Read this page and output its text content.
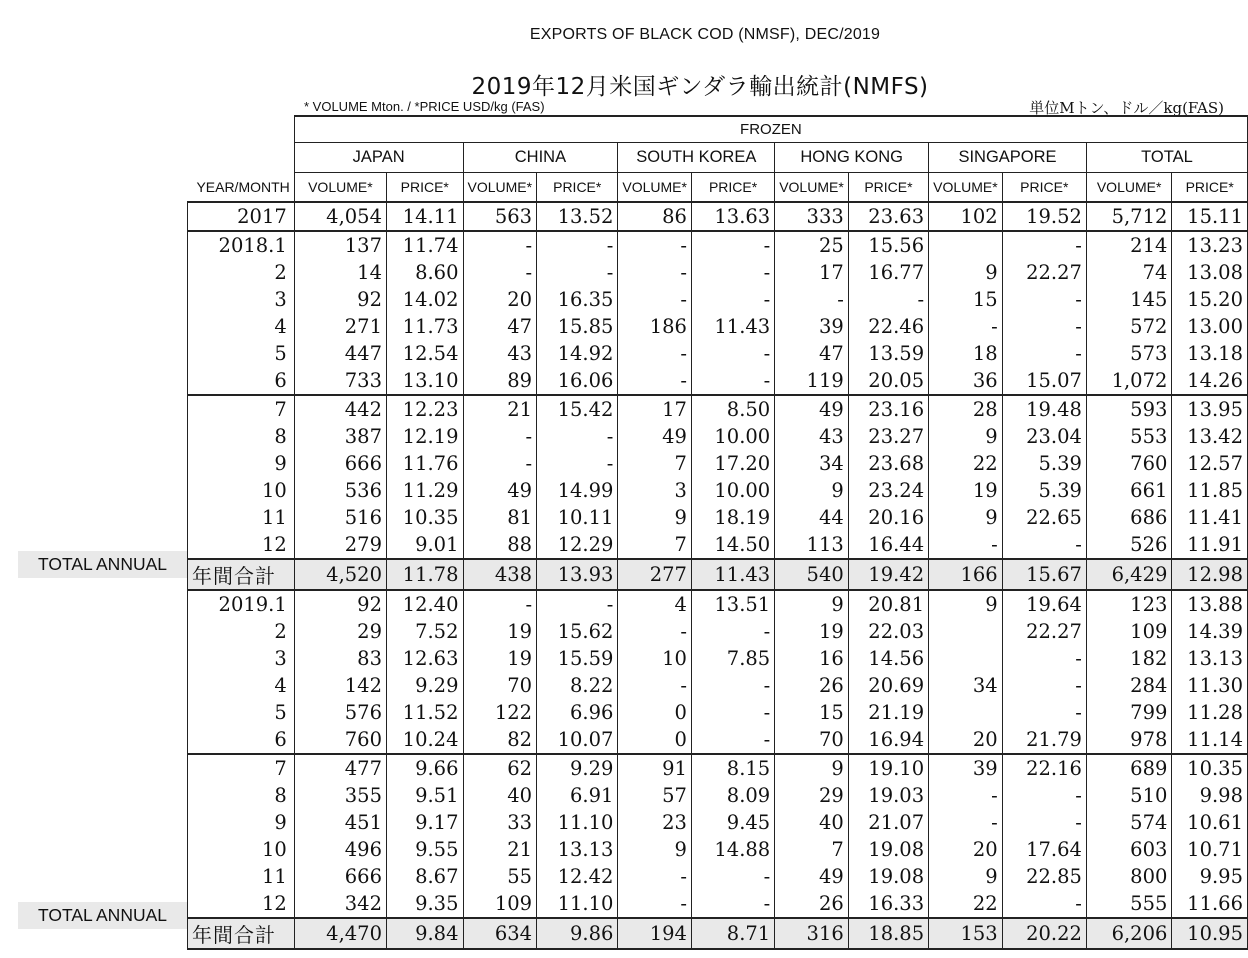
EXPORTS OF BLACK COD (NMSF), DEC/2019
2019年12月米国ギンダラ輸出統計(NMFS)
* VOLUME Mton. / *PRICE USD/kg (FAS)	単位Mトン、ドル／kg(FAS)
TOTAL ANNUAL
TOTAL ANNUAL
	FROZEN											
	JAPAN		CHINA		SOUTH KOREA		HONG KONG		SINGAPORE		TOTAL	
YEAR/MONTH	VOLUME*	PRICE*	VOLUME*	PRICE*	VOLUME*	PRICE*	VOLUME*	PRICE*	VOLUME*	PRICE*	VOLUME*	PRICE*
2017	4,054	14.11	563	13.52	86	13.63	333	23.63	102	19.52	5,712	15.11
2018.1	137	11.74	-	-	-	-	25	15.56		-	214	13.23
2	14	8.60	-	-	-	-	17	16.77	9	22.27	74	13.08
3	92	14.02	20	16.35	-	-	-	-	15	-	145	15.20
4	271	11.73	47	15.85	186	11.43	39	22.46	-	-	572	13.00
5	447	12.54	43	14.92	-	-	47	13.59	18	-	573	13.18
6	733	13.10	89	16.06	-	-	119	20.05	36	15.07	1,072	14.26
7	442	12.23	21	15.42	17	8.50	49	23.16	28	19.48	593	13.95
8	387	12.19	-	-	49	10.00	43	23.27	9	23.04	553	13.42
9	666	11.76	-	-	7	17.20	34	23.68	22	5.39	760	12.57
10	536	11.29	49	14.99	3	10.00	9	23.24	19	5.39	661	11.85
11	516	10.35	81	10.11	9	18.19	44	20.16	9	22.65	686	11.41
12	279	9.01	88	12.29	7	14.50	113	16.44	-	-	526	11.91
年間合計	4,520	11.78	438	13.93	277	11.43	540	19.42	166	15.67	6,429	12.98
2019.1	92	12.40	-	-	4	13.51	9	20.81	9	19.64	123	13.88
2	29	7.52	19	15.62	-	-	19	22.03		22.27	109	14.39
3	83	12.63	19	15.59	10	7.85	16	14.56		-	182	13.13
4	142	9.29	70	8.22	-	-	26	20.69	34	-	284	11.30
5	576	11.52	122	6.96	0	-	15	21.19		-	799	11.28
6	760	10.24	82	10.07	0	-	70	16.94	20	21.79	978	11.14
7	477	9.66	62	9.29	91	8.15	9	19.10	39	22.16	689	10.35
8	355	9.51	40	6.91	57	8.09	29	19.03	-	-	510	9.98
9	451	9.17	33	11.10	23	9.45	40	21.07	-	-	574	10.61
10	496	9.55	21	13.13	9	14.88	7	19.08	20	17.64	603	10.71
11	666	8.67	55	12.42	-	-	49	19.08	9	22.85	800	9.95
12	342	9.35	109	11.10	-	-	26	16.33	22	-	555	11.66
年間合計	4,470	9.84	634	9.86	194	8.71	316	18.85	153	20.22	6,206	10.95
